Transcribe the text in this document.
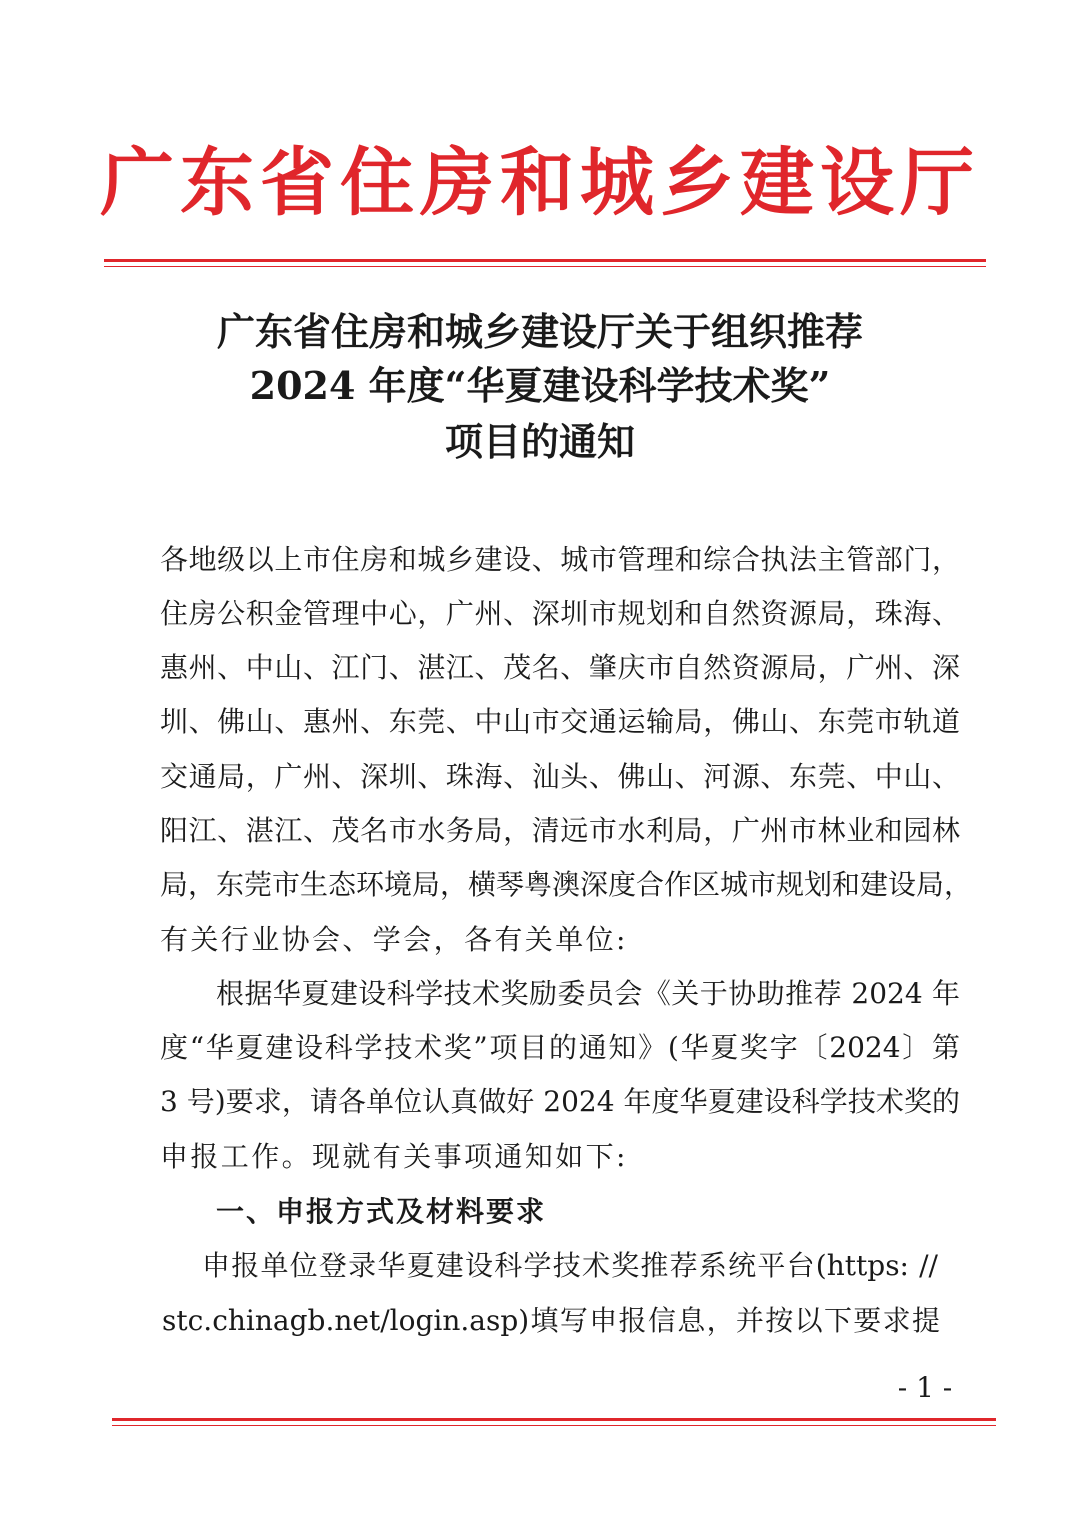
广东省住房和城乡建设厅
广东省住房和城乡建设厅关于组织推荐
2024 年度“华夏建设科学技术奖”
项目的通知
各地级以上市住房和城乡建设、城市管理和综合执法主管部门，
住房公积金管理中心，广州、深圳市规划和自然资源局，珠海、
惠州、中山、江门、湛江、茂名、肇庆市自然资源局，广州、深
圳、佛山、惠州、东莞、中山市交通运输局，佛山、东莞市轨道
交通局，广州、深圳、珠海、汕头、佛山、河源、东莞、中山、
阳江、湛江、茂名市水务局，清远市水利局，广州市林业和园林
局，东莞市生态环境局，横琴粤澳深度合作区城市规划和建设局，
有关行业协会、学会，各有关单位:
根据华夏建设科学技术奖励委员会《关于协助推荐 2024 年
度“华夏建设科学技术奖”项目的通知》(华夏奖字〔2024〕第
3 号)要求，请各单位认真做好 2024 年度华夏建设科学技术奖的
申报工作。现就有关事项通知如下:
一、申报方式及材料要求
申报单位登录华夏建设科学技术奖推荐系统平台(https: //
stc.chinagb.net/login.asp)填写申报信息，并按以下要求提
- 1 -
